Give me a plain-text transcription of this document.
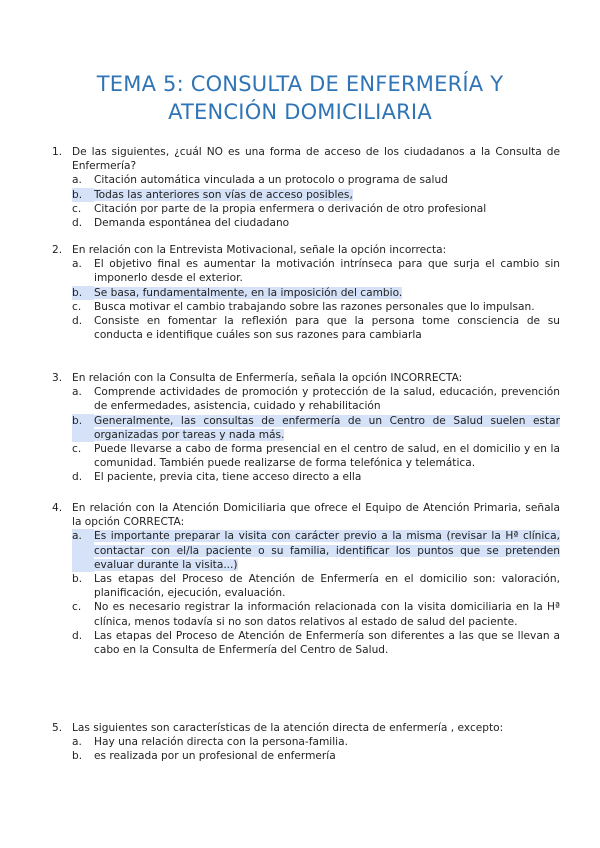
TEMA 5: CONSULTA DE ENFERMERÍA Y
ATENCIÓN DOMICILIARIA
1. De las siguientes, ¿cuál NO es una forma de acceso de los ciudadanos a la Consulta de Enfermería?
a.	Citación automática vinculada a un protocolo o programa de salud
b.	Todas las anteriores son vías de acceso posibles,
c.	Citación por parte de la propia enfermera o derivación de otro profesional
d.	Demanda espontánea del ciudadano
2. En relación con la Entrevista Motivacional, señale la opción incorrecta:
a.	El objetivo final es aumentar la motivación intrínseca para que surja el cambio sin imponerlo desde el exterior.
b.	Se basa, fundamentalmente, en la imposición del cambio.
c.	Busca motivar el cambio trabajando sobre las razones personales que lo impulsan.
d.	Consiste en fomentar la reflexión para que la persona tome consciencia de su conducta e identifique cuáles son sus razones para cambiarla
3. En relación con la Consulta de Enfermería, señala la opción INCORRECTA:
a.	Comprende actividades de promoción y protección de la salud, educación, prevención de enfermedades, asistencia, cuidado y rehabilitación
b.	Generalmente, las consultas de enfermería de un Centro de Salud suelen estar organizadas por tareas y nada más.
c.	Puede llevarse a cabo de forma presencial en el centro de salud, en el domicilio y en la comunidad. También puede realizarse de forma telefónica y telemática.
d.	El paciente, previa cita, tiene acceso directo a ella
4. En relación con la Atención Domiciliaria que ofrece el Equipo de Atención Primaria, señala la opción CORRECTA:
a.	Es importante preparar la visita con carácter previo a la misma (revisar la Hª clínica, contactar con el/la paciente o su familia, identificar los puntos que se pretenden evaluar durante la visita...)
b.	Las etapas del Proceso de Atención de Enfermería en el domicilio son: valoración, planificación, ejecución, evaluación.
c.	No es necesario registrar la información relacionada con la visita domiciliaria en la Hª clínica, menos todavía si no son datos relativos al estado de salud del paciente.
d.	Las etapas del Proceso de Atención de Enfermería son diferentes a las que se llevan a cabo en la Consulta de Enfermería del Centro de Salud.
5. Las siguientes son características de la atención directa de enfermería , excepto:
a.	Hay una relación directa con la persona-familia.
b.	es realizada por un profesional de enfermería
